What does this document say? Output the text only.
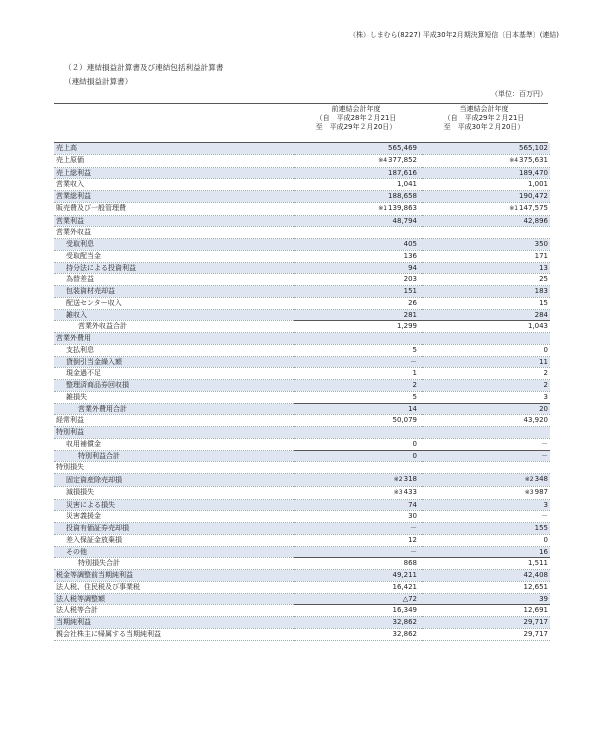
（株）しまむら(8227) 平成30年2月期決算短信〔日本基準〕(連結)
（２）連結損益計算書及び連結包括利益計算書
（連結損益計算書）
（単位：百万円）
前連結会計年度
（自　平成28年２月21日
至　平成29年２月20日）
当連結会計年度
（自　平成29年２月21日
至　平成30年２月20日）
売上高	565,469	565,102
売上原価	※4377,852	※4375,631
売上総利益	187,616	189,470
営業収入	1,041	1,001
営業総利益	188,658	190,472
販売費及び一般管理費	※1139,863	※1147,575
営業利益	48,794	42,896
営業外収益		
受取利息	405	350
受取配当金	136	171
持分法による投資利益	94	13
為替差益	203	25
包装資材売却益	151	183
配送センター収入	26	15
雑収入	281	284
営業外収益合計	1,299	1,043
営業外費用		
支払利息	5	0
貸倒引当金繰入額	－	11
現金過不足	1	2
整理済商品券回収損	2	2
雑損失	5	3
営業外費用合計	14	20
経常利益	50,079	43,920
特別利益		
収用補償金	0	－
特別利益合計	0	－
特別損失		
固定資産除売却損	※2318	※2348
減損損失	※3433	※3987
災害による損失	74	3
災害義援金	30	－
投資有価証券売却損	－	155
差入保証金放棄損	12	0
その他	－	16
特別損失合計	868	1,511
税金等調整前当期純利益	49,211	42,408
法人税、住民税及び事業税	16,421	12,651
法人税等調整額	△72	39
法人税等合計	16,349	12,691
当期純利益	32,862	29,717
親会社株主に帰属する当期純利益	32,862	29,717
